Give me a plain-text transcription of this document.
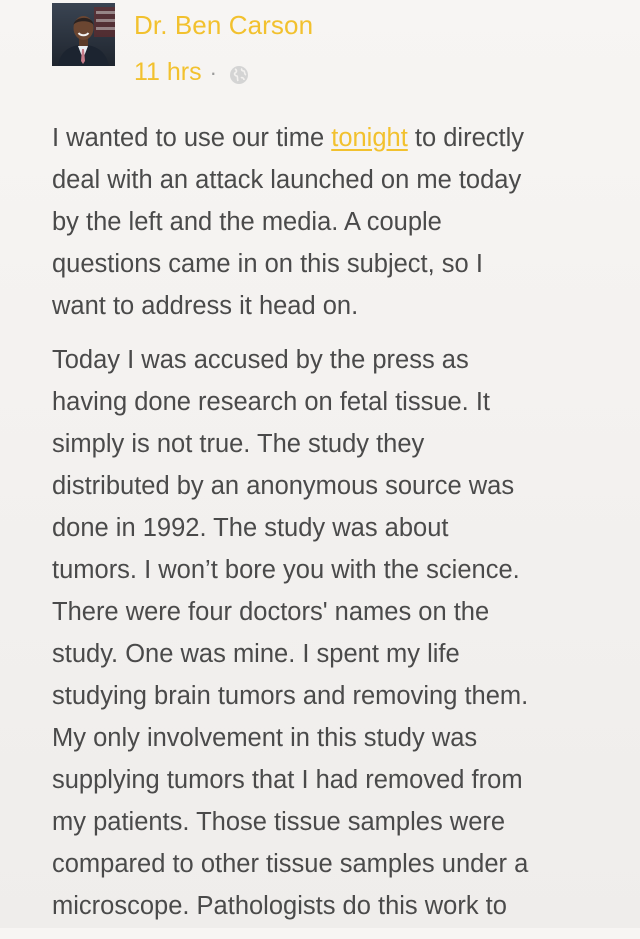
Dr. Ben Carson
11 hrs ·

I wanted to use our time tonight to directly
deal with an attack launched on me today
by the left and the media. A couple
questions came in on this subject, so I
want to address it head on.

Today I was accused by the press as
having done research on fetal tissue. It
simply is not true. The study they
distributed by an anonymous source was
done in 1992. The study was about
tumors. I won’t bore you with the science.
There were four doctors' names on the
study. One was mine. I spent my life
studying brain tumors and removing them.
My only involvement in this study was
supplying tumors that I had removed from
my patients. Those tissue samples were
compared to other tissue samples under a
microscope. Pathologists do this work to
